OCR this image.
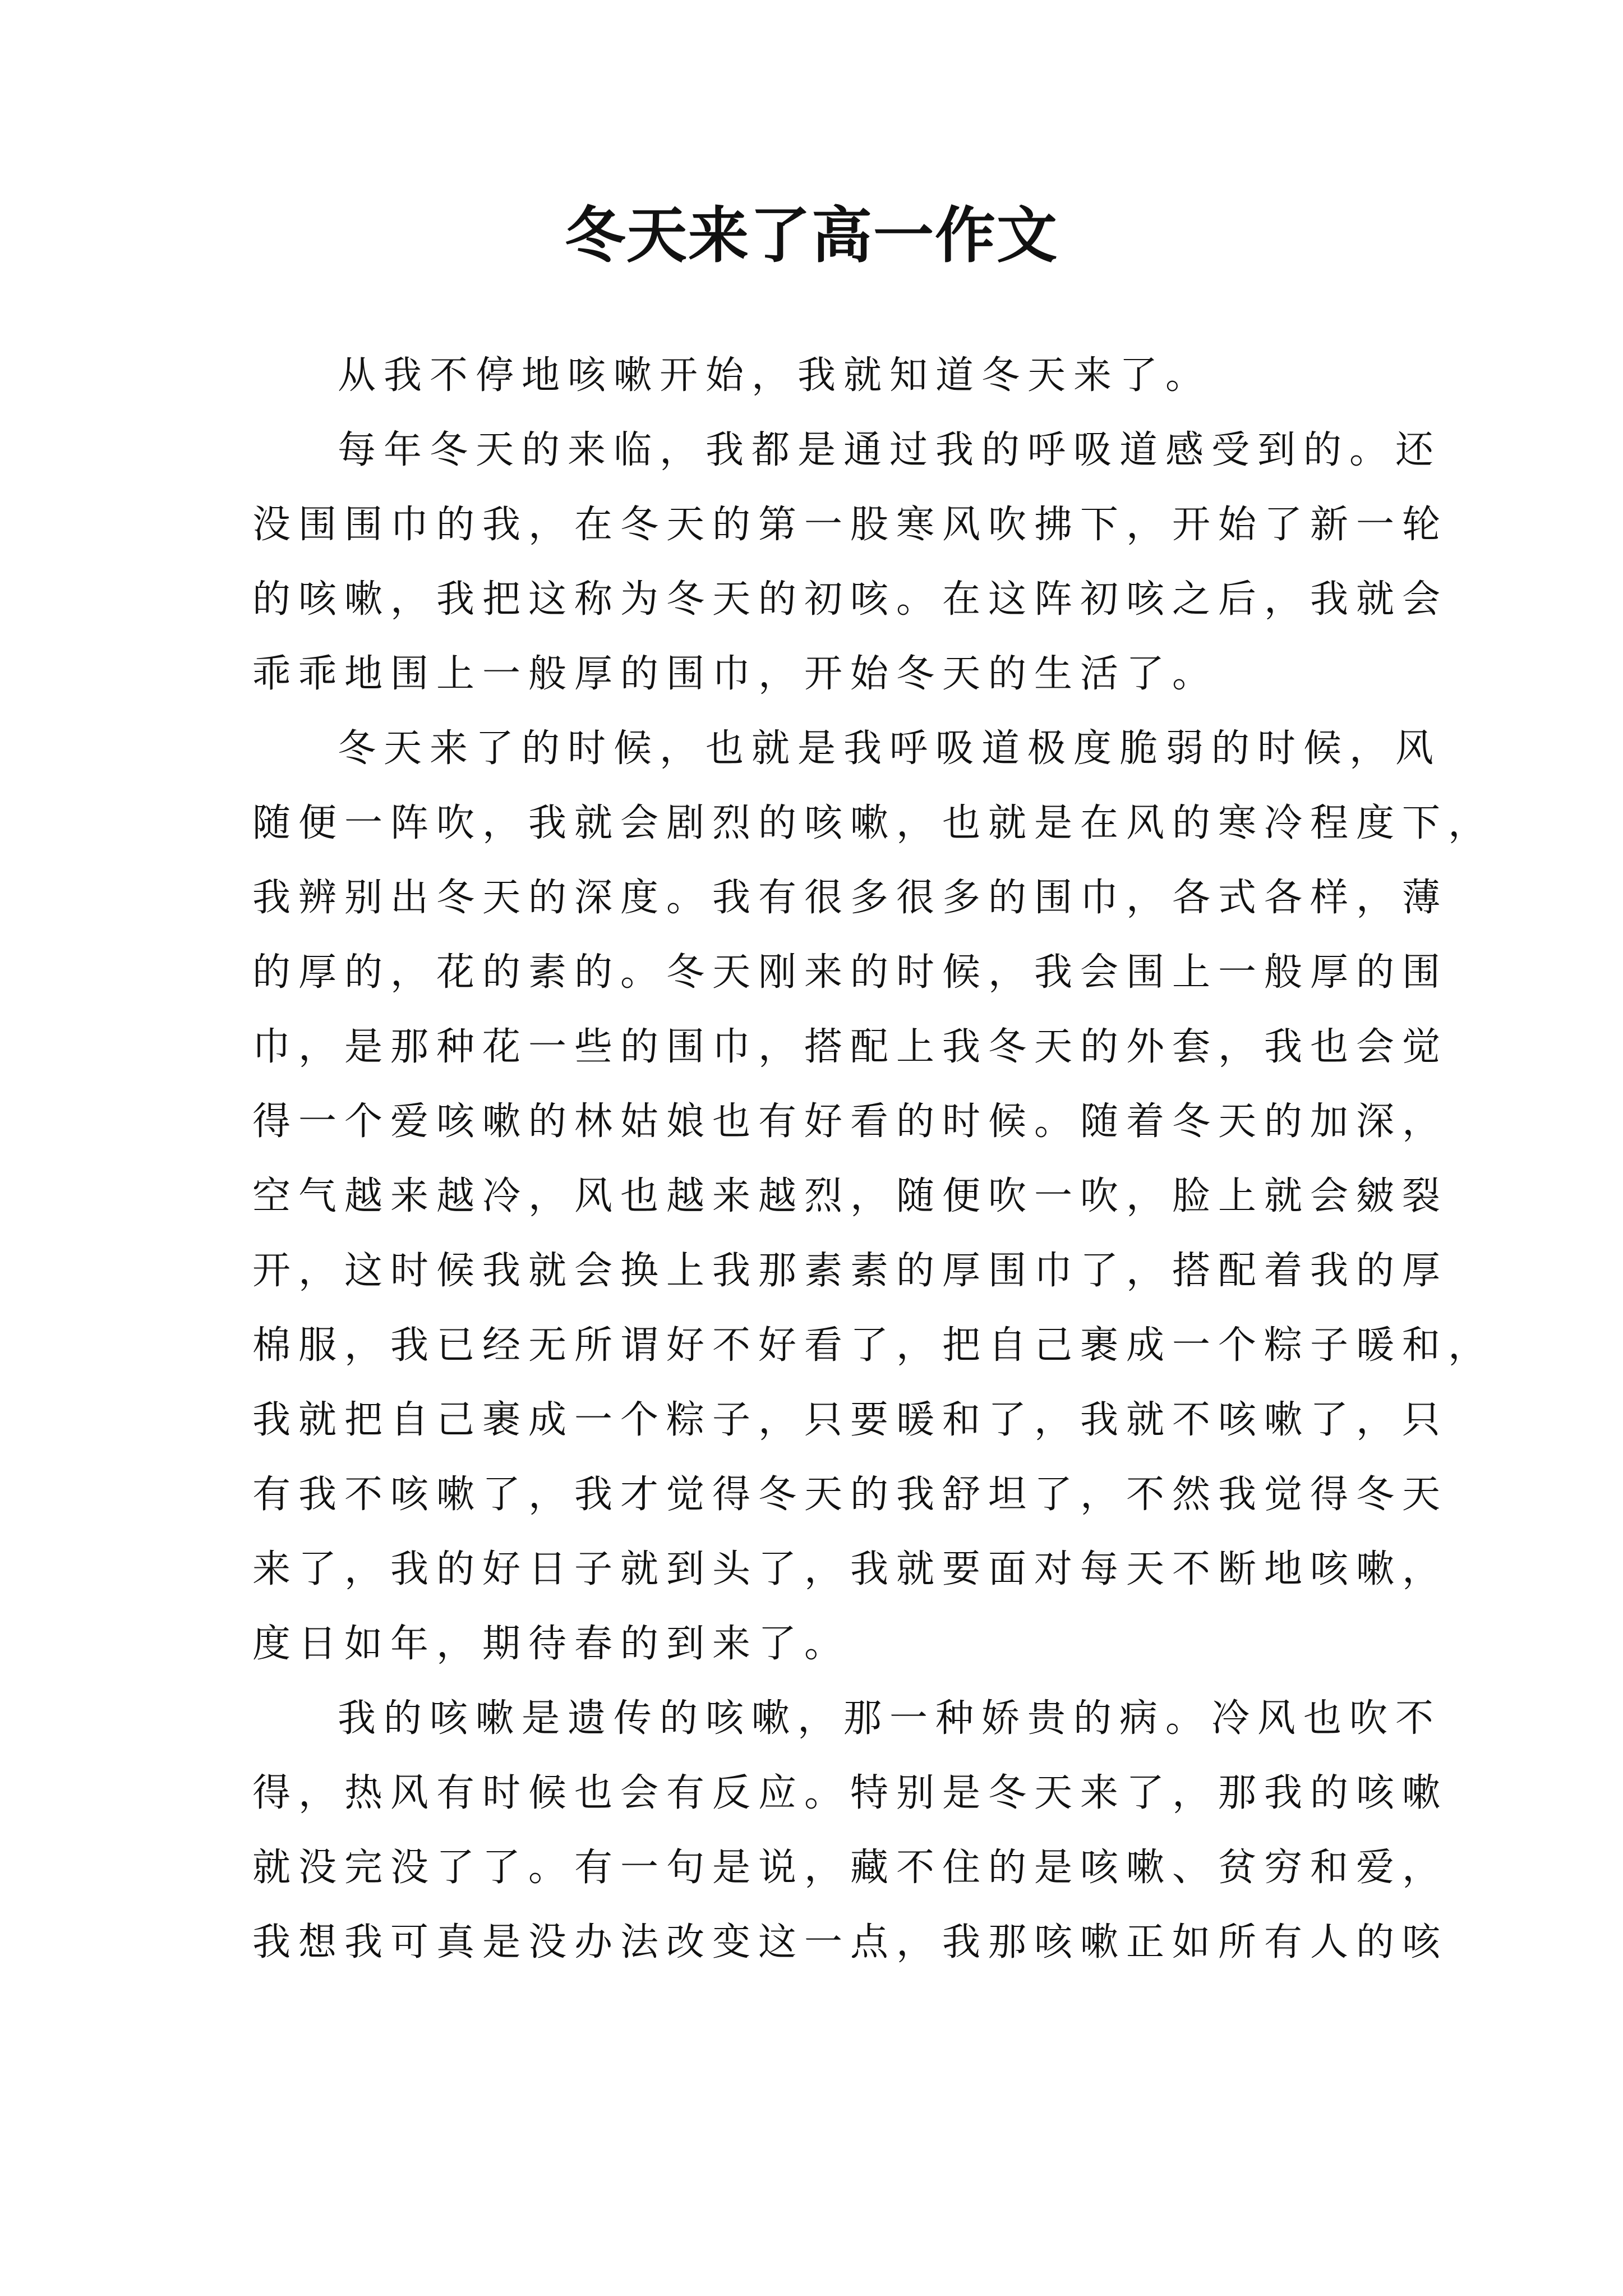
冬天来了高一作文
从我不停地咳嗽开始，我就知道冬天来了。
每年冬天的来临，我都是通过我的呼吸道感受到的。还
没围围巾的我，在冬天的第一股寒风吹拂下，开始了新一轮
的咳嗽，我把这称为冬天的初咳。在这阵初咳之后，我就会
乖乖地围上一般厚的围巾，开始冬天的生活了。
冬天来了的时候，也就是我呼吸道极度脆弱的时候，风
随便一阵吹，我就会剧烈的咳嗽，也就是在风的寒冷程度下，
我辨别出冬天的深度。我有很多很多的围巾，各式各样，薄
的厚的，花的素的。冬天刚来的时候，我会围上一般厚的围
巾，是那种花一些的围巾，搭配上我冬天的外套，我也会觉
得一个爱咳嗽的林姑娘也有好看的时候。随着冬天的加深，
空气越来越冷，风也越来越烈，随便吹一吹，脸上就会皴裂
开，这时候我就会换上我那素素的厚围巾了，搭配着我的厚
棉服，我已经无所谓好不好看了，把自己裹成一个粽子暖和，
我就把自己裹成一个粽子，只要暖和了，我就不咳嗽了，只
有我不咳嗽了，我才觉得冬天的我舒坦了，不然我觉得冬天
来了，我的好日子就到头了，我就要面对每天不断地咳嗽，
度日如年，期待春的到来了。
我的咳嗽是遗传的咳嗽，那一种娇贵的病。冷风也吹不
得，热风有时候也会有反应。特别是冬天来了，那我的咳嗽
就没完没了了。有一句是说，藏不住的是咳嗽、贫穷和爱，
我想我可真是没办法改变这一点，我那咳嗽正如所有人的咳
